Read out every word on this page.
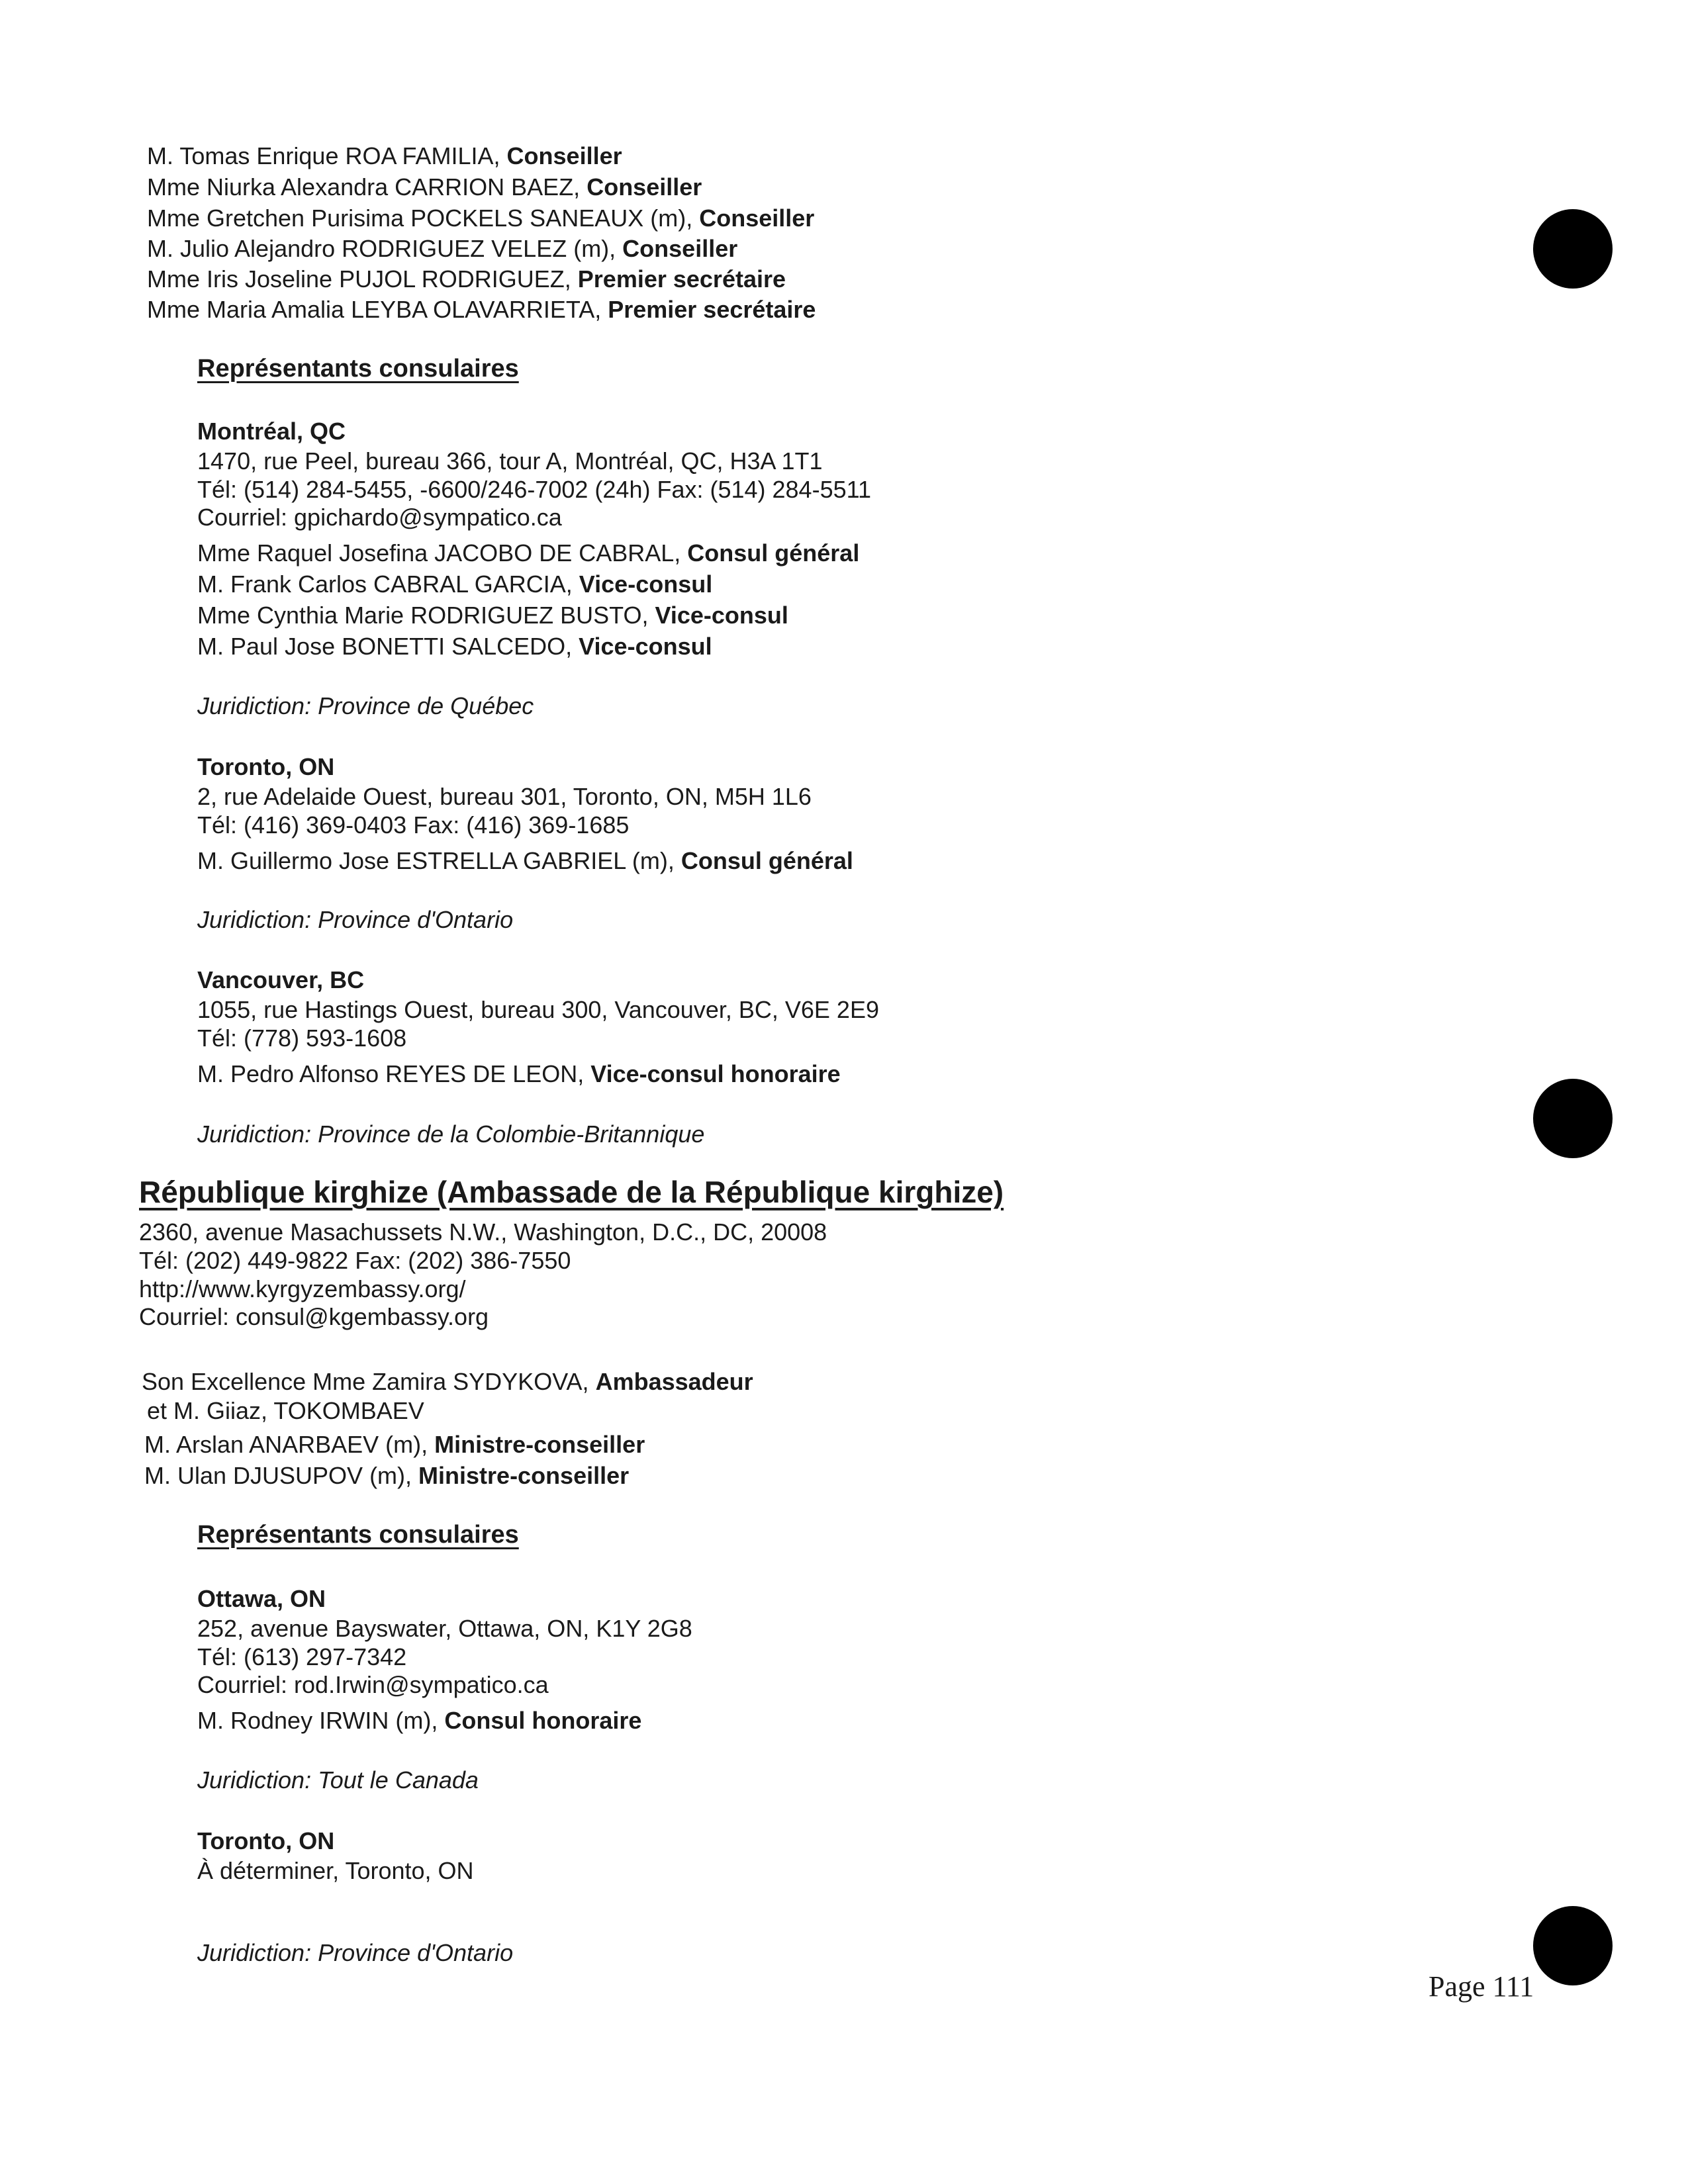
M. Tomas Enrique ROA FAMILIA, Conseiller
Mme Niurka Alexandra CARRION BAEZ, Conseiller
Mme Gretchen Purisima POCKELS SANEAUX (m), Conseiller
M. Julio Alejandro RODRIGUEZ VELEZ (m), Conseiller
Mme Iris Joseline PUJOL RODRIGUEZ, Premier secrétaire
Mme Maria Amalia LEYBA OLAVARRIETA, Premier secrétaire
Représentants consulaires
Montréal, QC
1470, rue Peel, bureau 366, tour A, Montréal, QC, H3A 1T1
Tél: (514) 284-5455, -6600/246-7002 (24h) Fax: (514) 284-5511
Courriel: gpichardo@sympatico.ca
Mme Raquel Josefina JACOBO DE CABRAL, Consul général
M. Frank Carlos CABRAL GARCIA, Vice-consul
Mme Cynthia Marie RODRIGUEZ BUSTO, Vice-consul
M. Paul Jose BONETTI SALCEDO, Vice-consul
Juridiction: Province de Québec
Toronto, ON
2, rue Adelaide Ouest, bureau 301, Toronto, ON, M5H 1L6
Tél: (416) 369-0403 Fax: (416) 369-1685
M. Guillermo Jose ESTRELLA GABRIEL (m), Consul général
Juridiction: Province d'Ontario
Vancouver, BC
1055, rue Hastings Ouest, bureau 300, Vancouver, BC, V6E 2E9
Tél: (778) 593-1608
M. Pedro Alfonso REYES DE LEON, Vice-consul honoraire
Juridiction: Province de la Colombie-Britannique
République kirghize (Ambassade de la République kirghize)
2360, avenue Masachussets N.W., Washington, D.C., DC, 20008
Tél: (202) 449-9822 Fax: (202) 386-7550
http://www.kyrgyzembassy.org/
Courriel: consul@kgembassy.org
Son Excellence Mme Zamira SYDYKOVA, Ambassadeur
et M. Giiaz, TOKOMBAEV
M. Arslan ANARBAEV (m), Ministre-conseiller
M. Ulan DJUSUPOV (m), Ministre-conseiller
Représentants consulaires
Ottawa, ON
252, avenue Bayswater, Ottawa, ON, K1Y 2G8
Tél: (613) 297-7342
Courriel: rod.Irwin@sympatico.ca
M. Rodney IRWIN (m), Consul honoraire
Juridiction: Tout le Canada
Toronto, ON
À déterminer, Toronto, ON
Juridiction: Province d'Ontario
Page 111
